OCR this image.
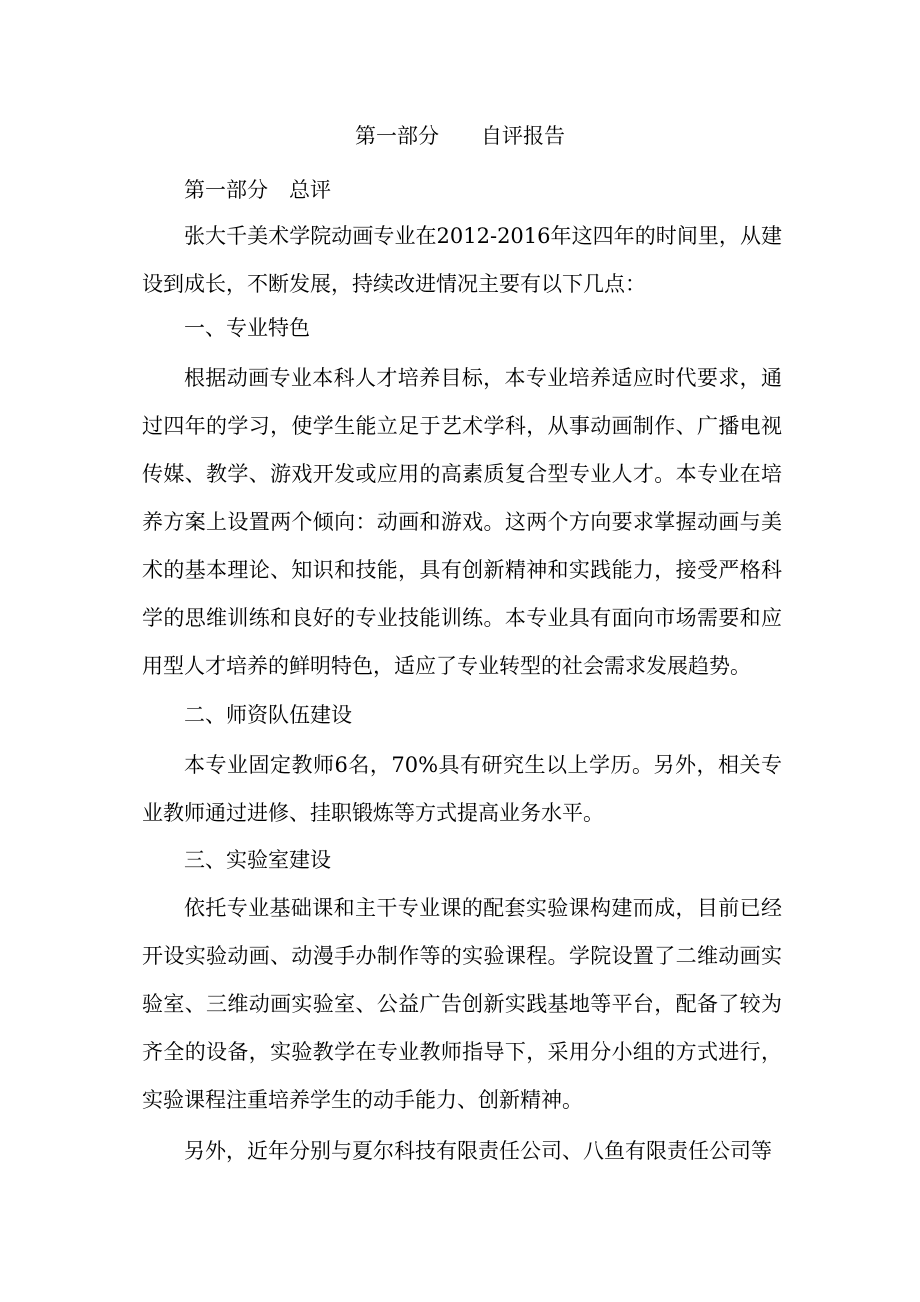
第一部分　　自评报告
第一部分　总评

张大千美术学院动画专业在2012-2016年这四年的时间里，从建设到成长，不断发展，持续改进情况主要有以下几点：

一、专业特色

根据动画专业本科人才培养目标，本专业培养适应时代要求，通过四年的学习，使学生能立足于艺术学科，从事动画制作、广播电视传媒、教学、游戏开发或应用的高素质复合型专业人才。本专业在培养方案上设置两个倾向：动画和游戏。这两个方向要求掌握动画与美术的基本理论、知识和技能，具有创新精神和实践能力，接受严格科学的思维训练和良好的专业技能训练。本专业具有面向市场需要和应用型人才培养的鲜明特色，适应了专业转型的社会需求发展趋势。

二、师资队伍建设

本专业固定教师6名，70%具有研究生以上学历。另外，相关专业教师通过进修、挂职锻炼等方式提高业务水平。

三、实验室建设

依托专业基础课和主干专业课的配套实验课构建而成，目前已经开设实验动画、动漫手办制作等的实验课程。学院设置了二维动画实验室、三维动画实验室、公益广告创新实践基地等平台，配备了较为齐全的设备，实验教学在专业教师指导下，采用分小组的方式进行，实验课程注重培养学生的动手能力、创新精神。

另外，近年分别与夏尔科技有限责任公司、八鱼有限责任公司等
